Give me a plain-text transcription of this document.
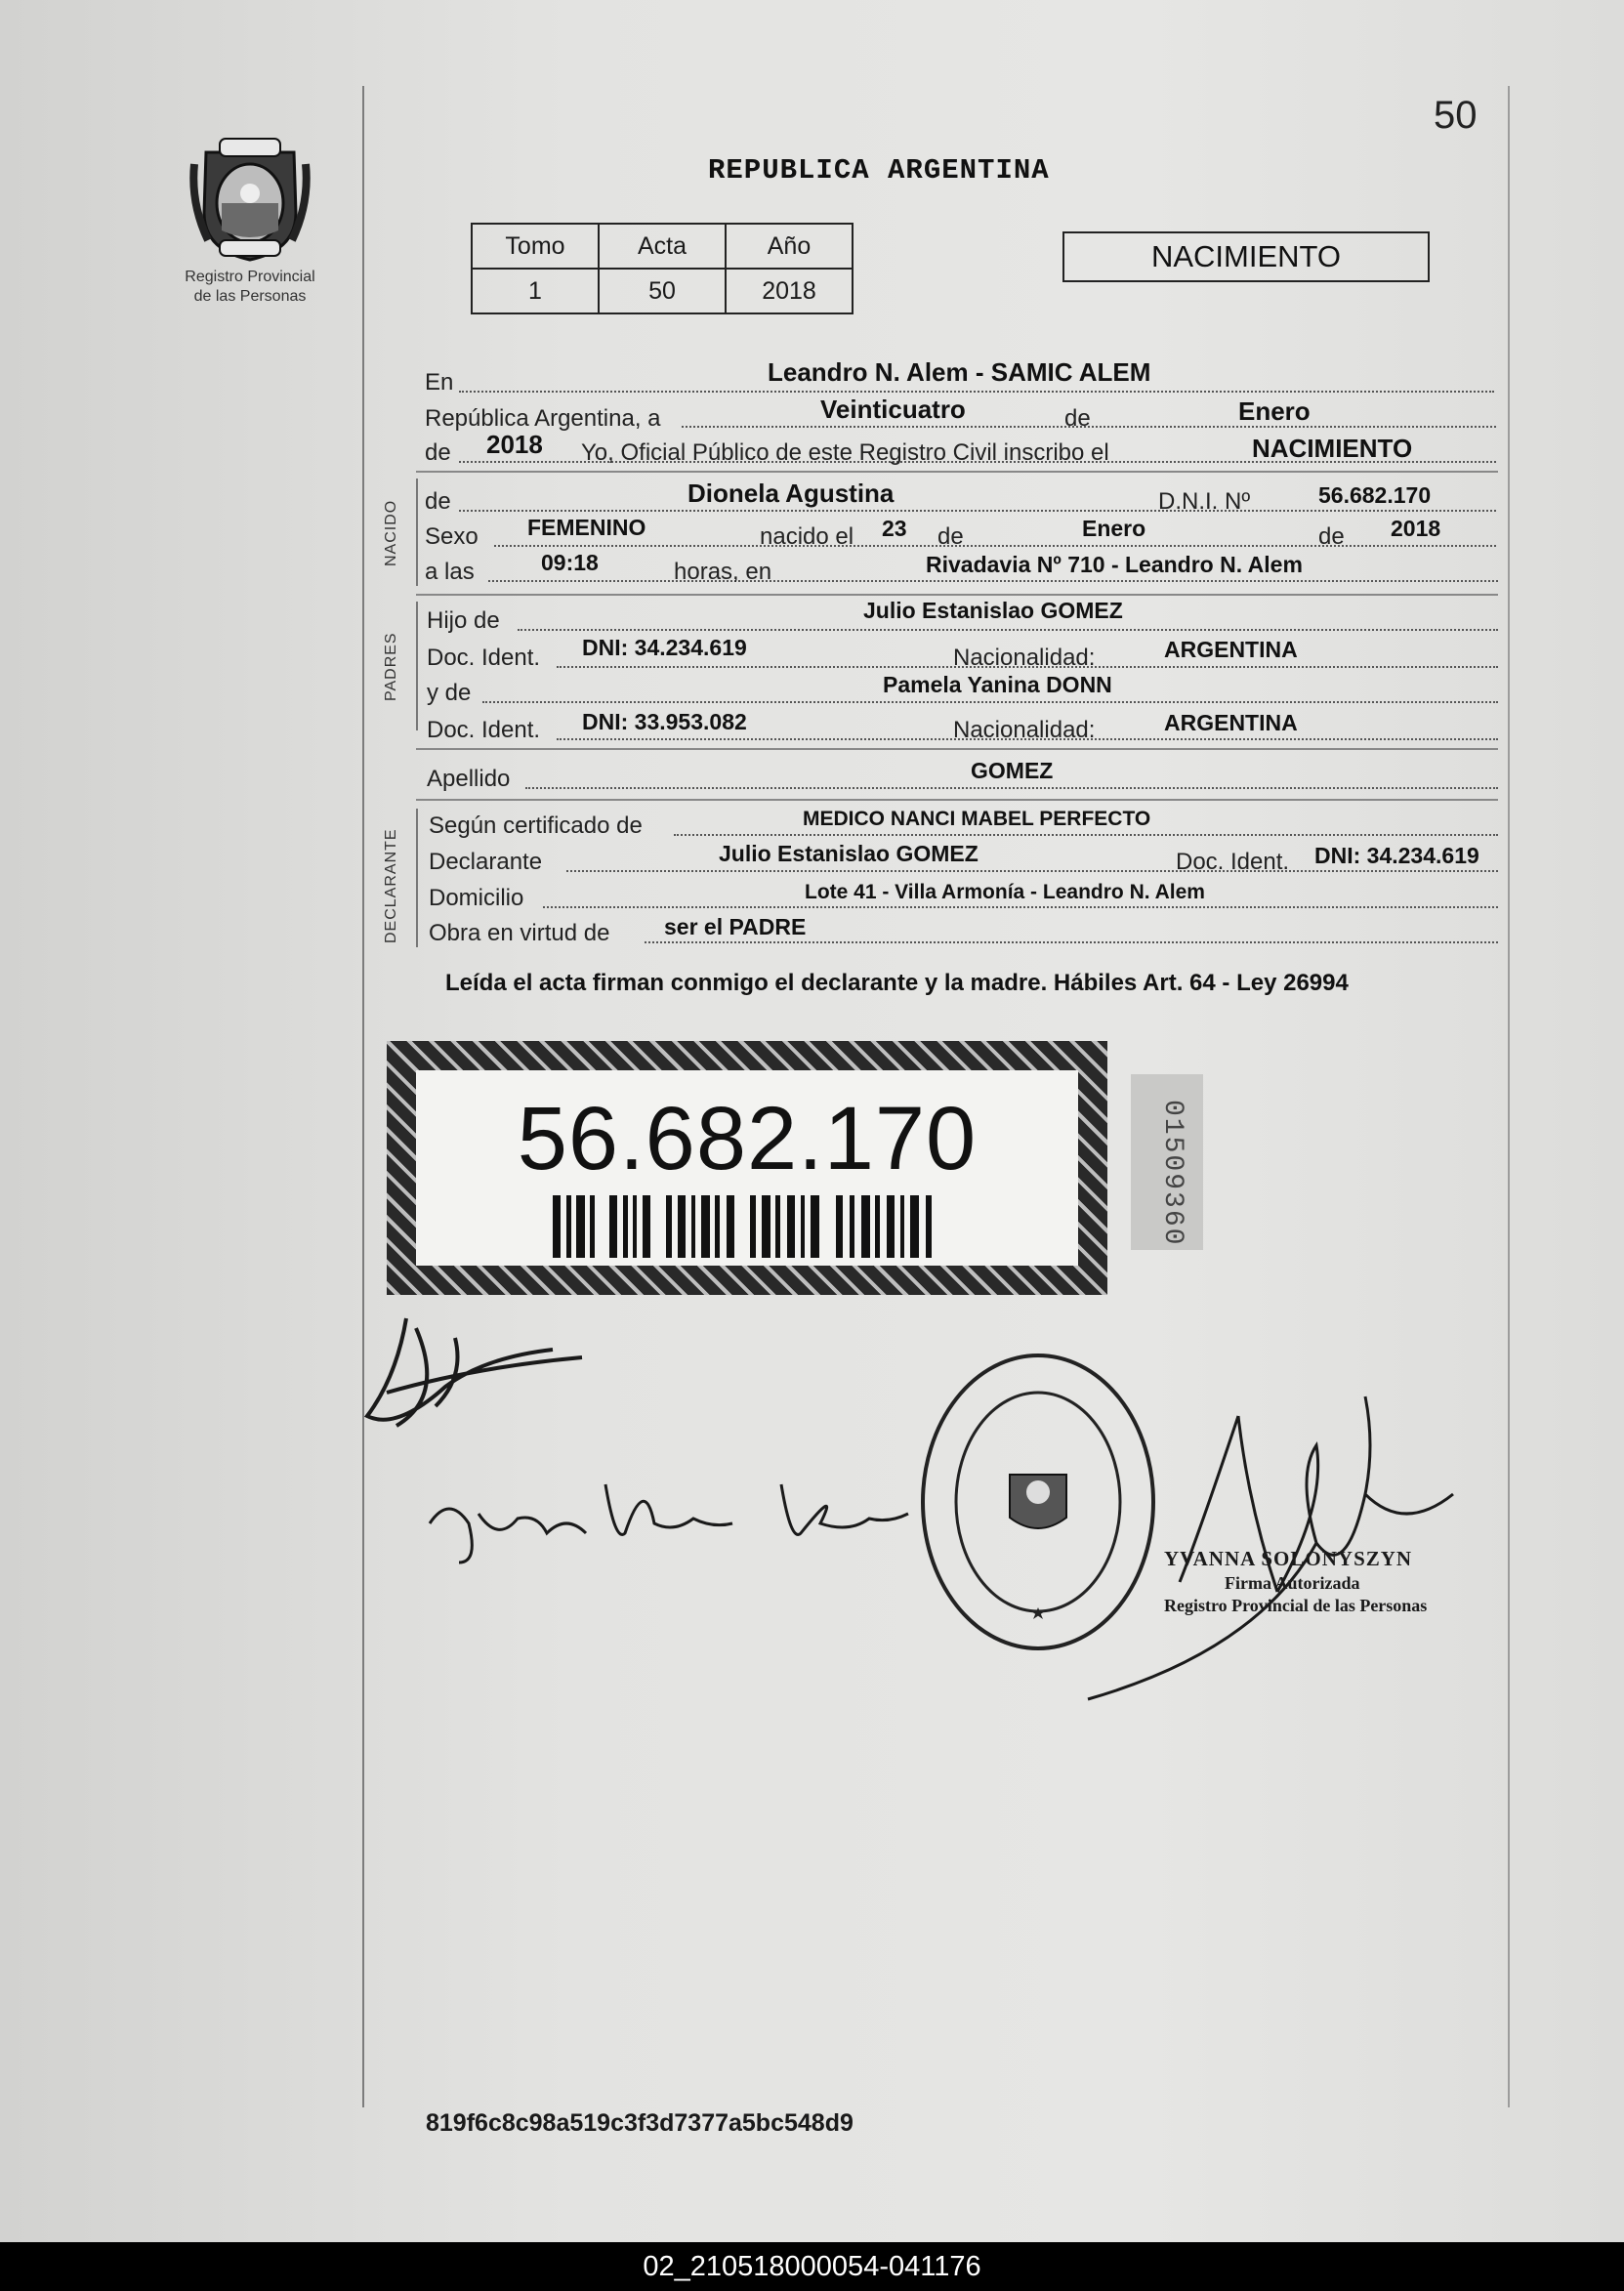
50
Registro Provincial
de las Personas
REPUBLICA ARGENTINA
Tomo	Acta	Año
1	50	2018
NACIMIENTO
En	Leandro N. Alem - SAMIC ALEM
República Argentina, a	Veinticuatro	de	Enero
de 2018 Yo, Oficial Público de este Registro Civil inscribo el	NACIMIENTO
NACIDO de	Dionela Agustina	D.N.I. Nº	56.682.170
Sexo FEMENINO	nacido el 23 de	Enero	de 2018
a las	09:18	horas, en	Rivadavia Nº 710 - Leandro N. Alem
PADRES
Hijo de	Julio Estanislao GOMEZ
Doc. Ident. DNI: 34.234.619	Nacionalidad:	ARGENTINA
y de	Pamela Yanina DONN
Doc. Ident. DNI: 33.953.082	Nacionalidad:	ARGENTINA
Apellido	GOMEZ
DECLARANTE
Según certificado de	MEDICO NANCI MABEL PERFECTO
Declarante	Julio Estanislao GOMEZ	Doc. Ident. DNI: 34.234.619
Domicilio	Lote 41 - Villa Armonía - Leandro N. Alem
Obra en virtud de ser el PADRE
Leída el acta firman conmigo el declarante y la madre. Hábiles Art. 64 - Ley 26994
56.682.170	01509360
YVANNA SOLONYSZYN
Firma Autorizada
Registro Provincial de las Personas
819f6c8c98a519c3f3d7377a5bc548d9
02_210518000054-041176
